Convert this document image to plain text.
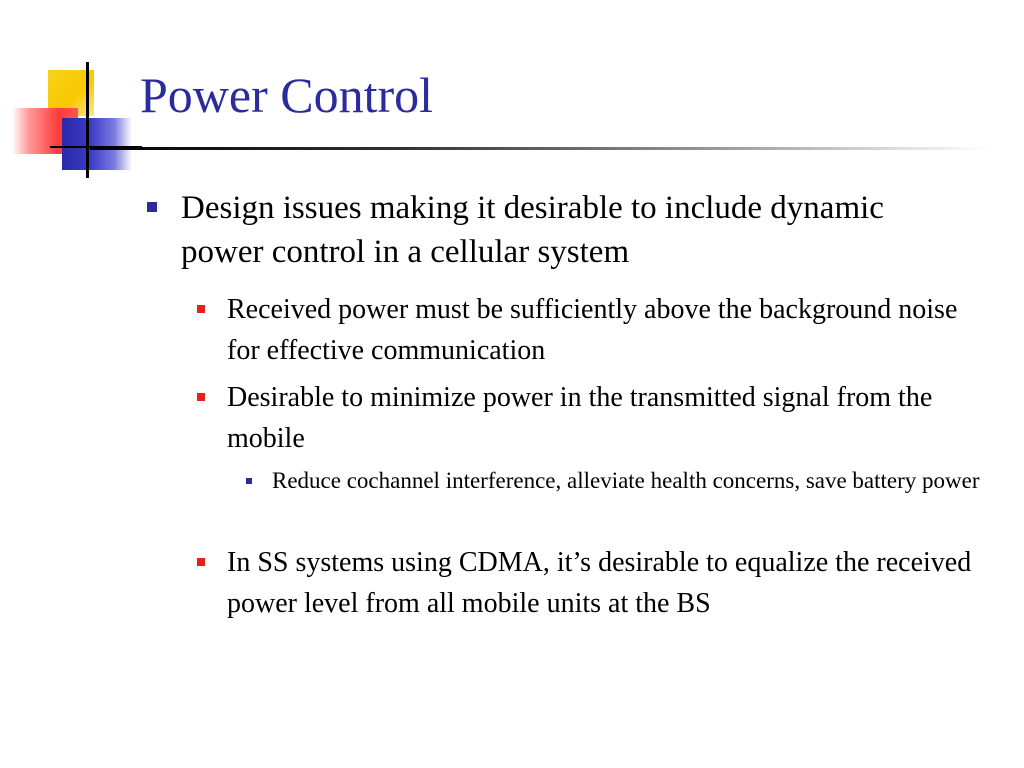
Power Control
Design issues making it desirable to include dynamic power control in a cellular system
Received power must be sufficiently above the background noise for effective communication
Desirable to minimize power in the transmitted signal from the mobile
Reduce cochannel interference, alleviate health concerns, save battery power
In SS systems using CDMA, it’s desirable to equalize the received power level from all mobile units at the BS
